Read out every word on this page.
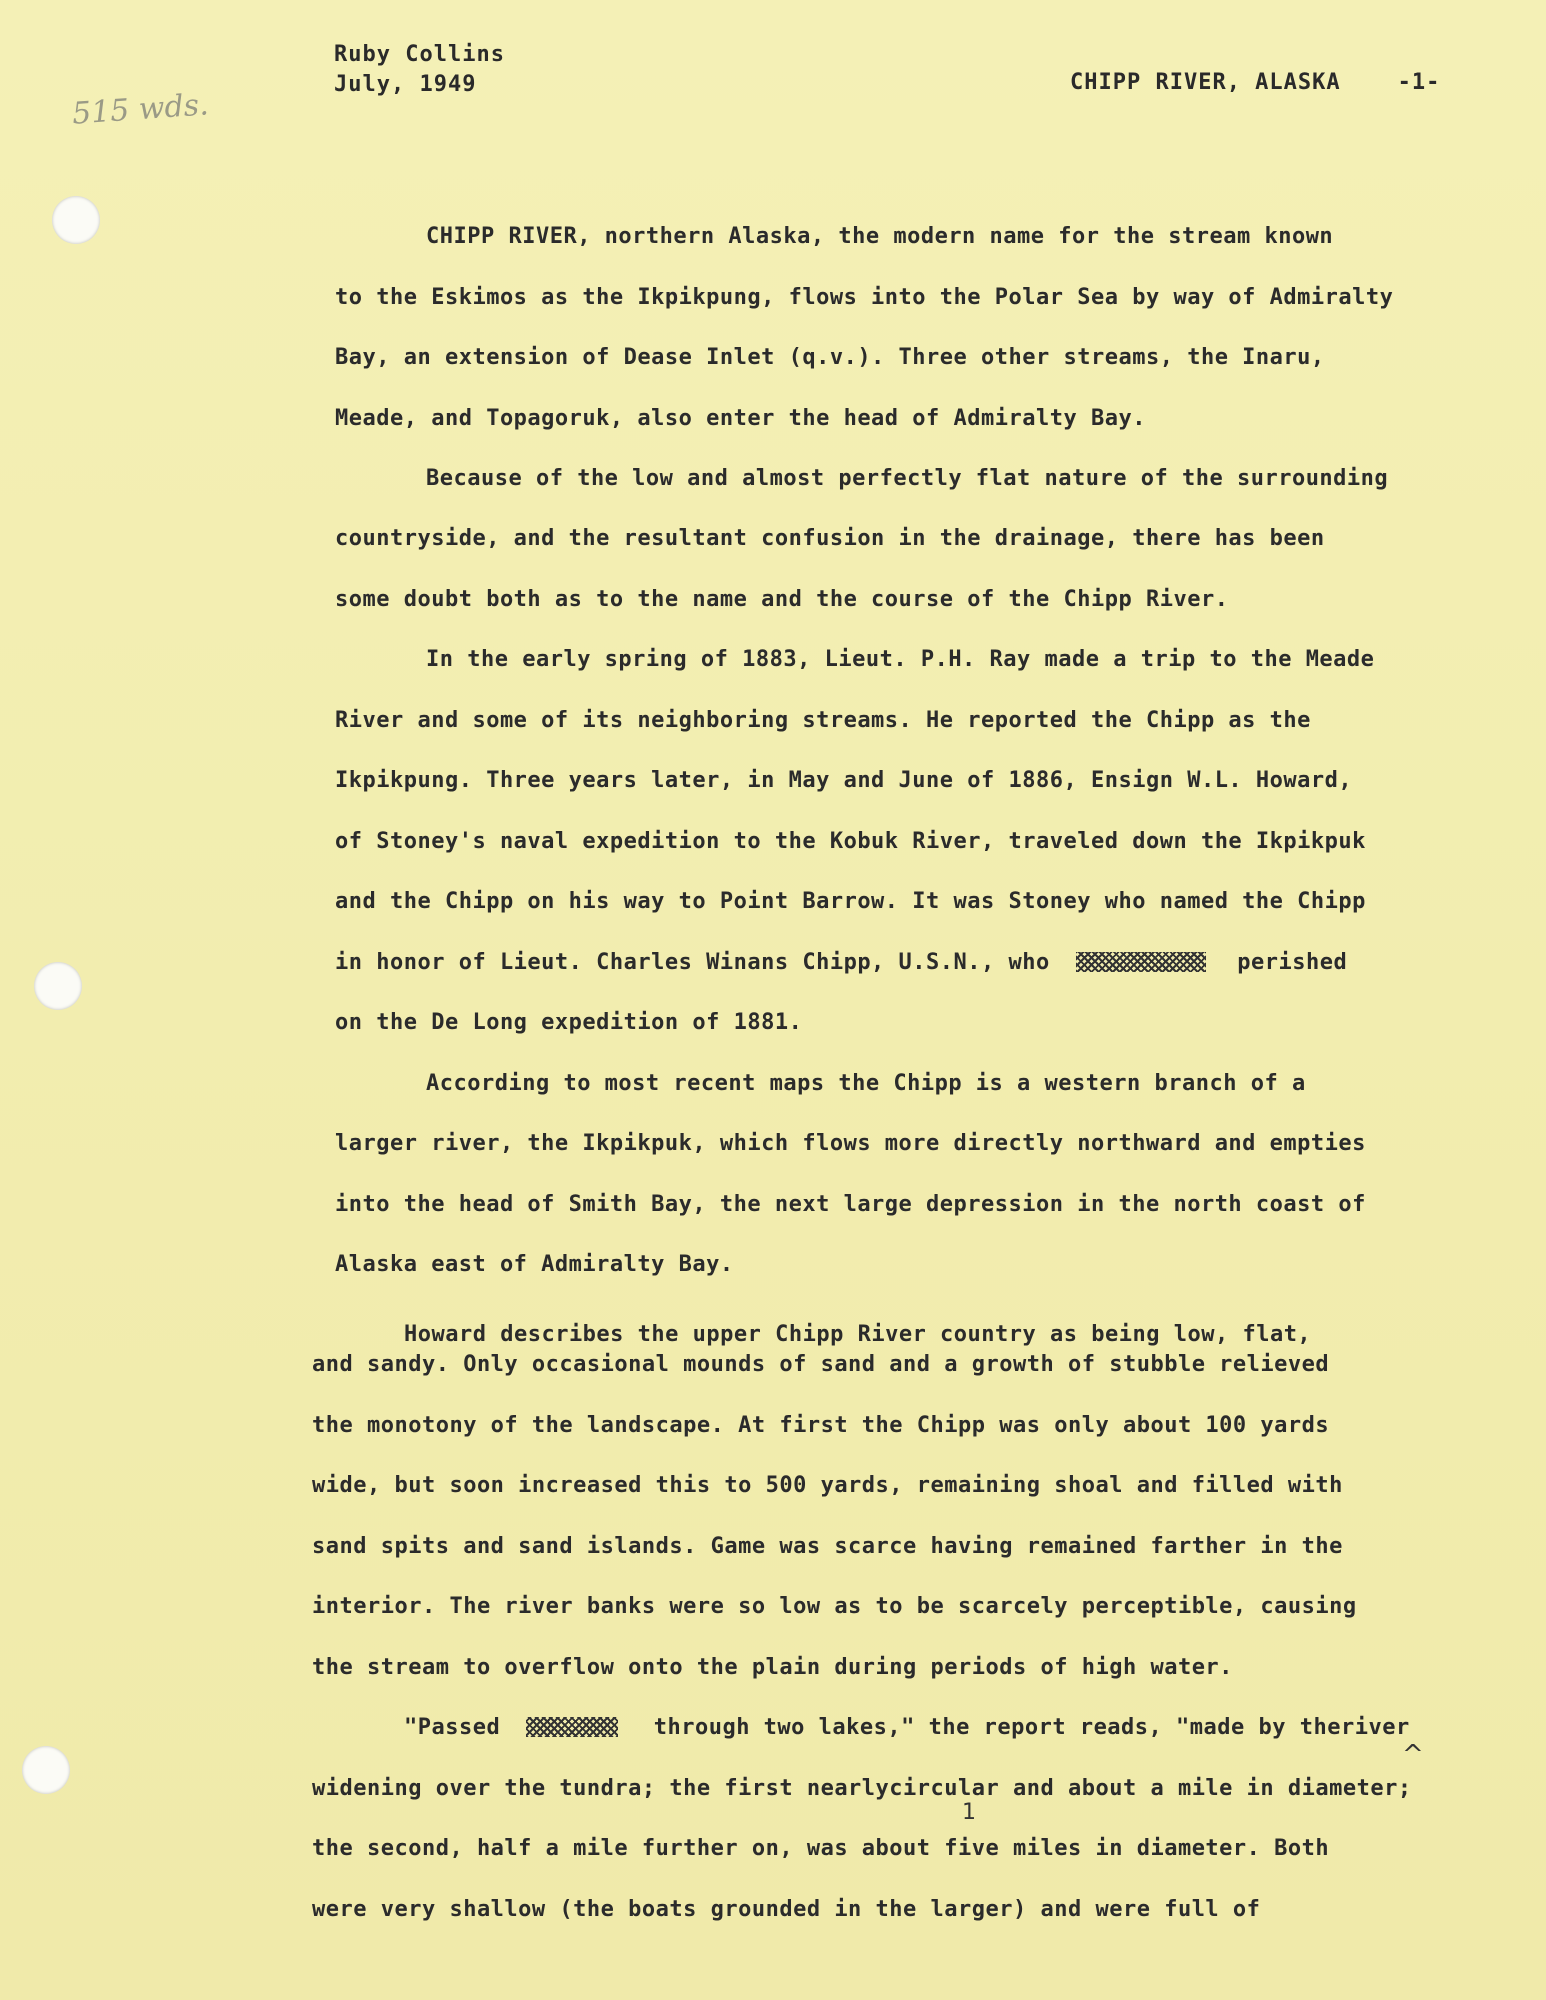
515 wds.
Ruby Collins
July, 1949	CHIPP RIVER, ALASKA	-1-
CHIPP RIVER, northern Alaska, the modern name for the stream known
to the Eskimos as the Ikpikpung, flows into the Polar Sea by way of Admiralty
Bay, an extension of Dease Inlet (q.v.). Three other streams, the Inaru,
Meade, and Topagoruk, also enter the head of Admiralty Bay.
Because of the low and almost perfectly flat nature of the surrounding
countryside, and the resultant confusion in the drainage, there has been
some doubt both as to the name and the course of the Chipp River.
In the early spring of 1883, Lieut. P.H. Ray made a trip to the Meade
River and some of its neighboring streams. He reported the Chipp as the
Ikpikpung. Three years later, in May and June of 1886, Ensign W.L. Howard,
of Stoney's naval expedition to the Kobuk River, traveled down the Ikpikpuk
and the Chipp on his way to Point Barrow. It was Stoney who named the Chipp
in honor of Lieut. Charles Winans Chipp, U.S.N., who	perished
on the De Long expedition of 1881.
According to most recent maps the Chipp is a western branch of a
larger river, the Ikpikpuk, which flows more directly northward and empties
into the head of Smith Bay, the next large depression in the north coast of
Alaska east of Admiralty Bay.
Howard describes the upper Chipp River country as being low, flat,
and sandy. Only occasional mounds of sand and a growth of stubble relieved
the monotony of the landscape. At first the Chipp was only about 100 yards
wide, but soon increased this to 500 yards, remaining shoal and filled with
sand spits and sand islands. Game was scarce having remained farther in the
interior. The river banks were so low as to be scarcely perceptible, causing
the stream to overflow onto the plain during periods of high water.
"Passed	through two lakes," the report reads, "made by theriver
^
widening over the tundra; the first nearlycircular and about a mile in diameter;
1
the second, half a mile further on, was about five miles in diameter. Both
were very shallow (the boats grounded in the larger) and were full of
